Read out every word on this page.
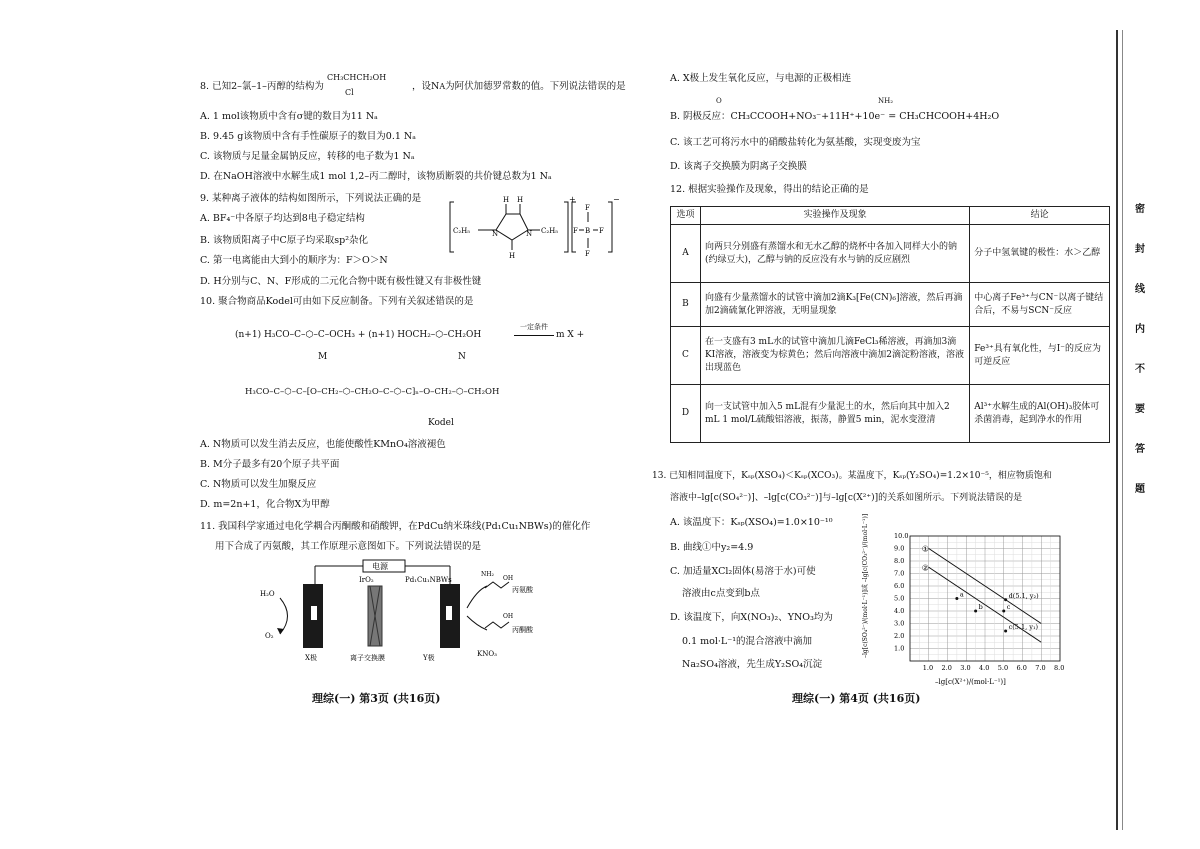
8. 已知2–氯–1–丙醇的结构为
CH₃CHCH₂OH
Cl
，设NA为阿伏加德罗常数的值。下列说法错误的是
A. 1 mol该物质中含有σ键的数目为11 Nₐ
B. 9.45 g该物质中含有手性碳原子的数目为0.1 Nₐ
C. 该物质与足量金属钠反应，转移的电子数为1 Nₐ
D. 在NaOH溶液中水解生成1 mol 1,2–丙二醇时，该物质断裂的共价键总数为1 Nₐ
9. 某种离子液体的结构如图所示，下列说法正确的是
A. BF₄⁻中各原子均达到8电子稳定结构
B. 该物质阳离子中C原子均采取sp²杂化
C. 第一电离能由大到小的顺序为：F＞O＞N
D. H分别与C、N、F形成的二元化合物中既有极性键又有非极性键
C₂H₅	C₂H₅
H H
H
N	N
F
F B F
F
+	−
10. 聚合物商品Kodel可由如下反应制备。下列有关叙述错误的是
(n+1) H₃CO–C–⬡–C–OCH₃ + (n+1) HOCH₂–⬡–CH₂OH
一定条件
m X +
M	N
H₃CO–C–⬡–C–[O–CH₂–⬡–CH₂O–C–⬡–C]ₙ–O–CH₂–⬡–CH₂OH
Kodel
A. N物质可以发生消去反应，也能使酸性KMnO₄溶液褪色
B. M分子最多有20个原子共平面
C. N物质可以发生加聚反应
D. m=2n+1，化合物X为甲醇
11. 我国科学家通过电化学耦合丙酮酸和硝酸钾，在PdCu纳米珠线(Pd₁Cu₁NBWs)的催化作
用下合成了丙氨酸，其工作原理示意图如下。下列说法错误的是
电源
IrO₂	Pd₁Cu₁NBWs
H₂O
O₂
X极	离子交换膜	Y极
NH₂
OH
丙氨酸
OH
丙酮酸
KNO₃
理综(一) 第3页 (共16页)
A. X极上发生氧化反应，与电源的正极相连
O	NH₂
B. 阴极反应：CH₃CCOOH+NO₃⁻+11H⁺+10e⁻ = CH₃CHCOOH+4H₂O
C. 该工艺可将污水中的硝酸盐转化为氨基酸，实现变废为宝
D. 该离子交换膜为阴离子交换膜
12. 根据实验操作及现象，得出的结论正确的是
选项	实验操作及现象	结论
A	向两只分别盛有蒸馏水和无水乙醇的烧杯中各加入同样大小的钠(约绿豆大)，乙醇与钠的反应没有水与钠的反应剧烈	分子中氢氧键的极性：水＞乙醇
B	向盛有少量蒸馏水的试管中滴加2滴K₃[Fe(CN)₆]溶液，然后再滴加2滴硫氰化钾溶液，无明显现象	中心离子Fe³⁺与CN⁻以离子键结合后，不易与SCN⁻反应
C	在一支盛有3 mL水的试管中滴加几滴FeCl₃稀溶液，再滴加3滴KI溶液，溶液变为棕黄色；然后向溶液中滴加2滴淀粉溶液，溶液出现蓝色	Fe³⁺具有氧化性，与I⁻的反应为可逆反应
D	向一支试管中加入5 mL混有少量泥土的水，然后向其中加入2 mL 1 mol/L硫酸铝溶液，振荡，静置5 min，泥水变澄清	Al³⁺水解生成的Al(OH)₃胶体可杀菌消毒，起到净水的作用
13. 已知相同温度下，Kₛₚ(XSO₄)＜Kₛₚ(XCO₃)。某温度下，Kₛₚ(Y₂SO₄)=1.2×10⁻⁵，相应物质饱和
溶液中–lg[c(SO₄²⁻)]、–lg[c(CO₃²⁻)]与–lg[c(X²⁺)]的关系如图所示。下列说法错误的是
A. 该温度下：Kₛₚ(XSO₄)=1.0×10⁻¹⁰
B. 曲线①中y₂=4.9
C. 加适量XCl₂固体(易溶于水)可使
溶液由c点变到b点
D. 该温度下，向X(NO₃)₂、YNO₃均为
0.1 mol·L⁻¹的混合溶液中滴加
Na₂SO₄溶液，先生成Y₂SO₄沉淀
理综(一) 第4页 (共16页)
①
②
a
b	c
d(5.1, y₂)
c(5.1, y₁)
1.0 2.0 3.0 4.0 5.0 6.0 7.0 8.0
1.0
2.0
3.0
4.0
5.0
6.0
7.0
8.0
9.0
10.0
–lg[c(X²⁺)/(mol·L⁻¹)]
–lg[c(SO₄²⁻)/(mol·L⁻¹)]或 –lg[c(CO₃²⁻)/(mol·L⁻¹)]
密
封
线
内
不
要
答
题
